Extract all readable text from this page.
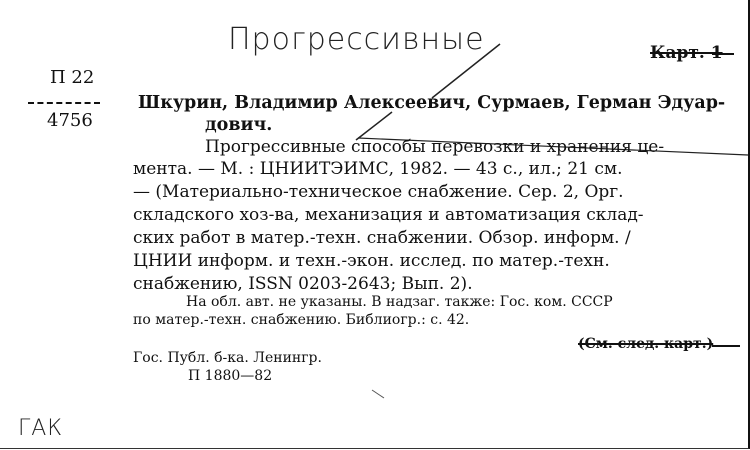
Прогрессивные	Карт. 1
П 22
4756
Шкурин, Владимир Алексеевич, Сурмаев, Герман Эдуар-
дович.
Прогрессивные способы перевозки и хранения це-
мента. — М. : ЦНИИТЭИМС, 1982. — 43 с., ил.; 21 см.
— (Материально-техническое снабжение. Сер. 2, Орг.
складского хоз-ва, механизация и автоматизация склад-
ских работ в матер.-техн. снабжении. Обзор. информ. /
ЦНИИ информ. и техн.-экон. исслед. по матер.-техн.
снабжению, ISSN 0203-2643; Вып. 2).
На обл. авт. не указаны. В надзаг. также: Гос. ком. СССР
по матер.-техн. снабжению. Библиогр.: с. 42.
(См. след. карт.)
Гос. Публ. б-ка. Ленингр.
П 1880—82
ГАК
